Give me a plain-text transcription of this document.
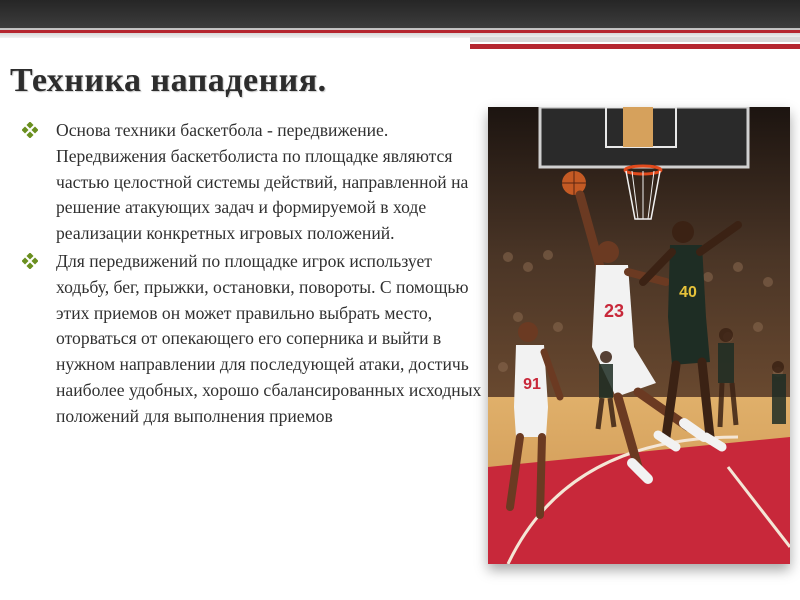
Техника нападения.
Основа техники баскетбола - передвижение. Передвижения баскетболиста по площадке являются частью целостной системы действий, направленной на решение атакующих задач и формируемой в ходе реализации конкретных игровых положений.
Для передвижений по площадке игрок использует ходьбу, бег, прыжки, остановки, повороты. С помощью этих приемов он может правильно выбрать место, оторваться от опекающего его соперника и выйти в нужном направлении для последующей атаки, достичь наиболее удобных, хорошо сбалансированных исходных положений для выполнения приемов
23
40
91
